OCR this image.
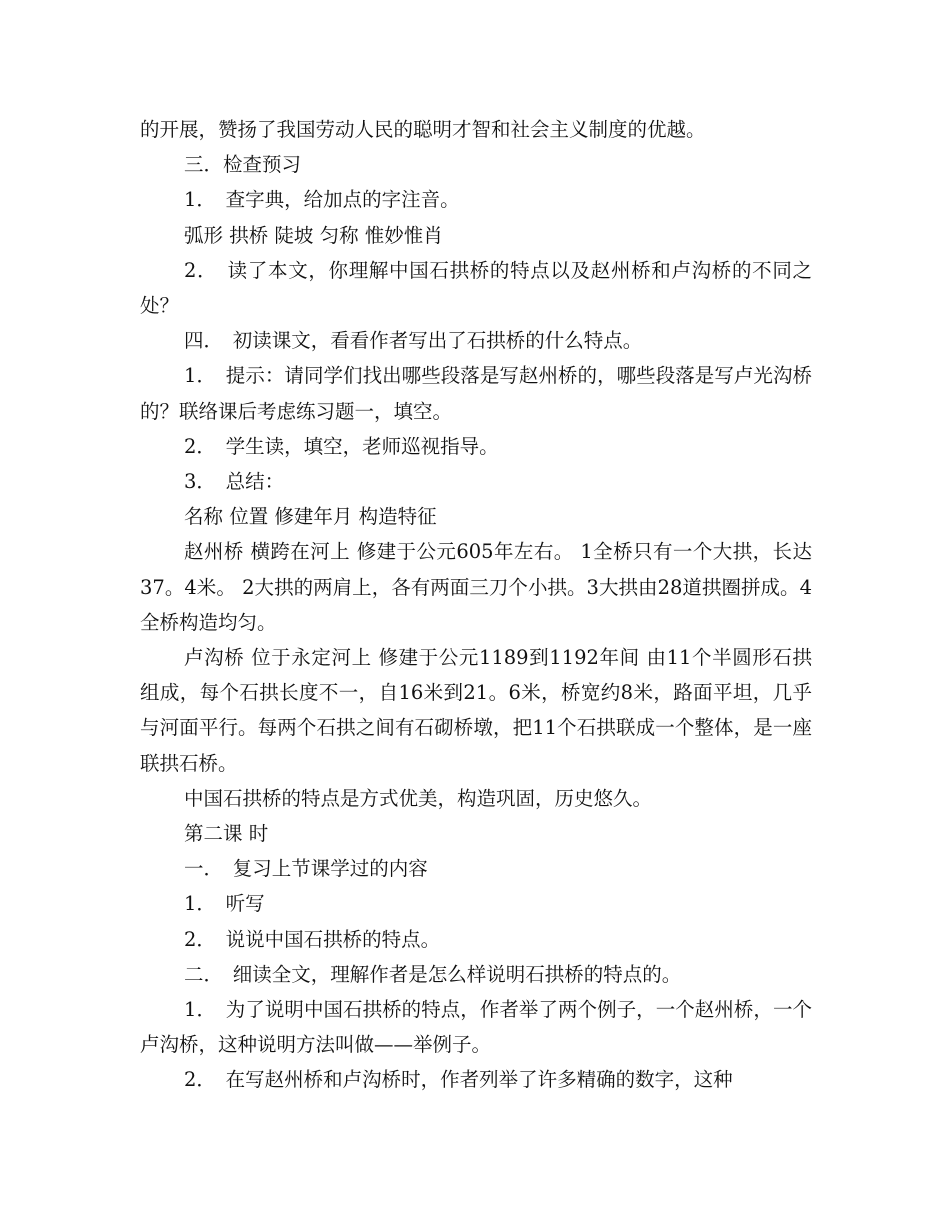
的开展，赞扬了我国劳动人民的聪明才智和社会主义制度的优越。

三．检查预习

1．　查字典，给加点的字注音。

弧形 拱桥 陡坡 匀称 惟妙惟肖

2．　读了本文，你理解中国石拱桥的特点以及赵州桥和卢沟桥的不同之处？

四．　初读课文，看看作者写出了石拱桥的什么特点。

1．　提示：请同学们找出哪些段落是写赵州桥的，哪些段落是写卢光沟桥的？联络课后考虑练习题一，填空。

2．　学生读，填空，老师巡视指导。

3．　总结：

名称 位置 修建年月 构造特征

赵州桥 横跨在河上 修建于公元605年左右。 1全桥只有一个大拱，长达37。4米。 2大拱的两肩上，各有两面三刀个小拱。3大拱由28道拱圈拼成。4全桥构造均匀。

卢沟桥 位于永定河上 修建于公元1189到1192年间 由11个半圆形石拱组成，每个石拱长度不一，自16米到21。6米，桥宽约8米，路面平坦，几乎与河面平行。每两个石拱之间有石砌桥墩，把11个石拱联成一个整体，是一座联拱石桥。

中国石拱桥的特点是方式优美，构造巩固，历史悠久。

第二课 时

一．　复习上节课学过的内容

1．　听写

2．　说说中国石拱桥的特点。

二．　细读全文，理解作者是怎么样说明石拱桥的特点的。

1．　为了说明中国石拱桥的特点，作者举了两个例子，一个赵州桥，一个卢沟桥，这种说明方法叫做——举例子。

2．　在写赵州桥和卢沟桥时，作者列举了许多精确的数字，这种
